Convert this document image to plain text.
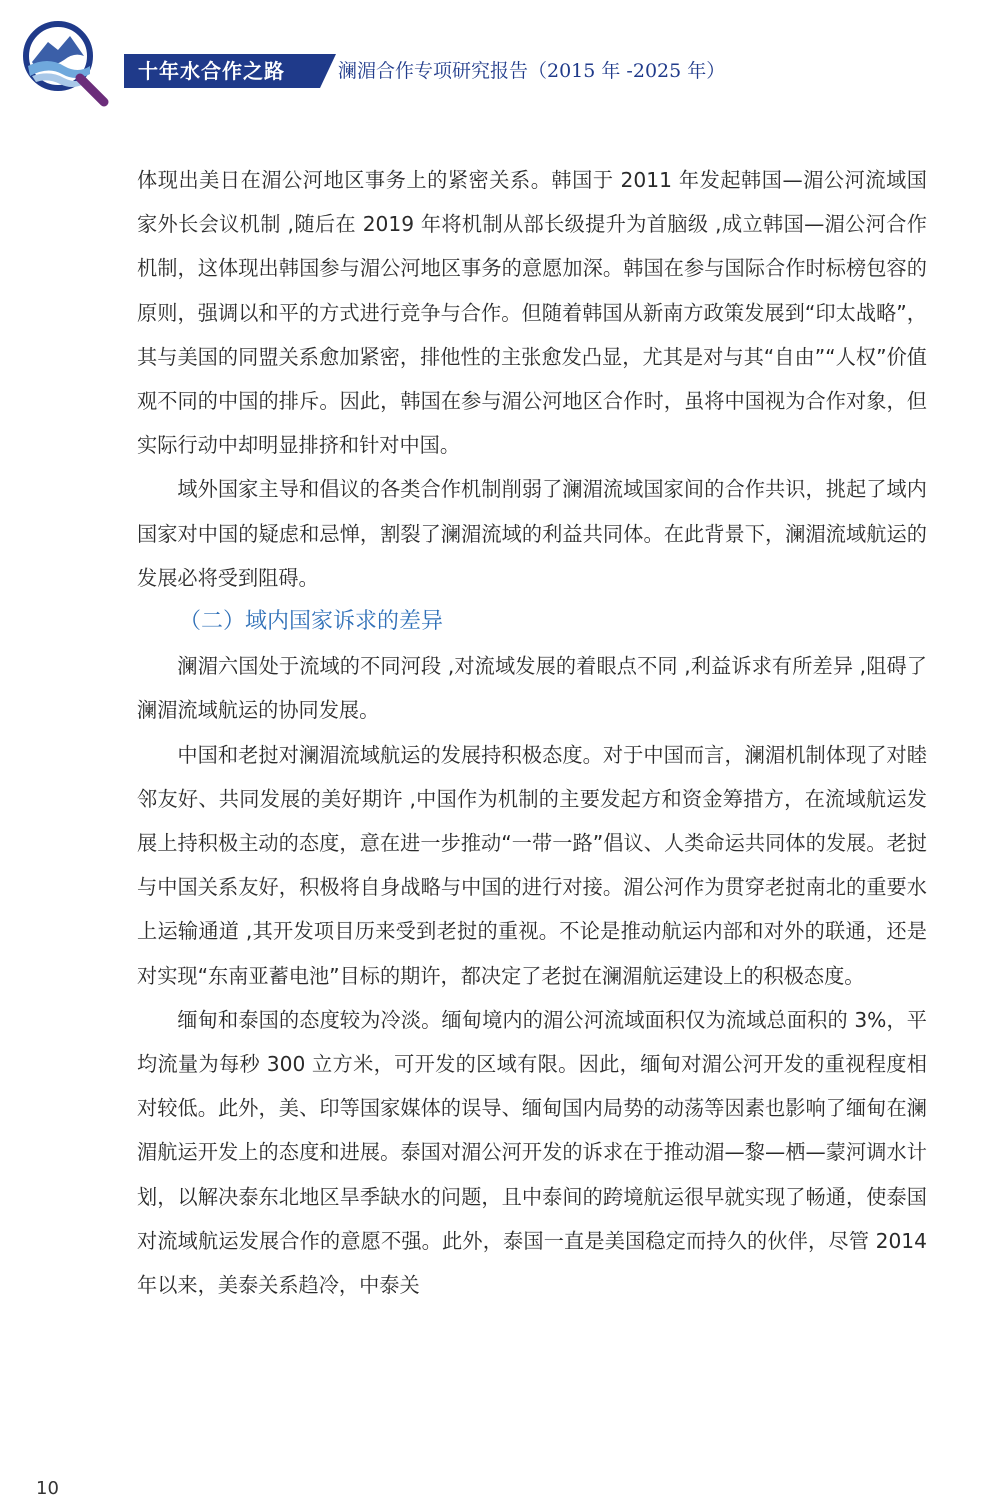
十年水合作之路	澜湄合作专项研究报告（2015 年 -2025 年）

体现出美日在湄公河地区事务上的紧密关系。韩国于 2011 年发起韩国—湄公河流域国家外长会议机制 ,随后在 2019 年将机制从部长级提升为首脑级 ,成立韩国—湄公河合作机制，这体现出韩国参与湄公河地区事务的意愿加深。韩国在参与国际合作时标榜包容的原则，强调以和平的方式进行竞争与合作。但随着韩国从新南方政策发展到“印太战略”，其与美国的同盟关系愈加紧密，排他性的主张愈发凸显，尤其是对与其“自由”“人权”价值观不同的中国的排斥。因此，韩国在参与湄公河地区合作时，虽将中国视为合作对象，但实际行动中却明显排挤和针对中国。

域外国家主导和倡议的各类合作机制削弱了澜湄流域国家间的合作共识，挑起了域内国家对中国的疑虑和忌惮，割裂了澜湄流域的利益共同体。在此背景下，澜湄流域航运的发展必将受到阻碍。

（二）域内国家诉求的差异

澜湄六国处于流域的不同河段 ,对流域发展的着眼点不同 ,利益诉求有所差异 ,阻碍了澜湄流域航运的协同发展。

中国和老挝对澜湄流域航运的发展持积极态度。对于中国而言，澜湄机制体现了对睦邻友好、共同发展的美好期许 ,中国作为机制的主要发起方和资金筹措方，在流域航运发展上持积极主动的态度，意在进一步推动“一带一路”倡议、人类命运共同体的发展。老挝与中国关系友好，积极将自身战略与中国的进行对接。湄公河作为贯穿老挝南北的重要水上运输通道 ,其开发项目历来受到老挝的重视。不论是推动航运内部和对外的联通，还是对实现“东南亚蓄电池”目标的期许，都决定了老挝在澜湄航运建设上的积极态度。

缅甸和泰国的态度较为冷淡。缅甸境内的湄公河流域面积仅为流域总面积的 3%，平均流量为每秒 300 立方米，可开发的区域有限。因此，缅甸对湄公河开发的重视程度相对较低。此外，美、印等国家媒体的误导、缅甸国内局势的动荡等因素也影响了缅甸在澜湄航运开发上的态度和进展。泰国对湄公河开发的诉求在于推动湄—黎—栖—蒙河调水计划，以解决泰东北地区旱季缺水的问题，且中泰间的跨境航运很早就实现了畅通，使泰国对流域航运发展合作的意愿不强。此外，泰国一直是美国稳定而持久的伙伴，尽管 2014 年以来，美泰关系趋冷，中泰关

10
